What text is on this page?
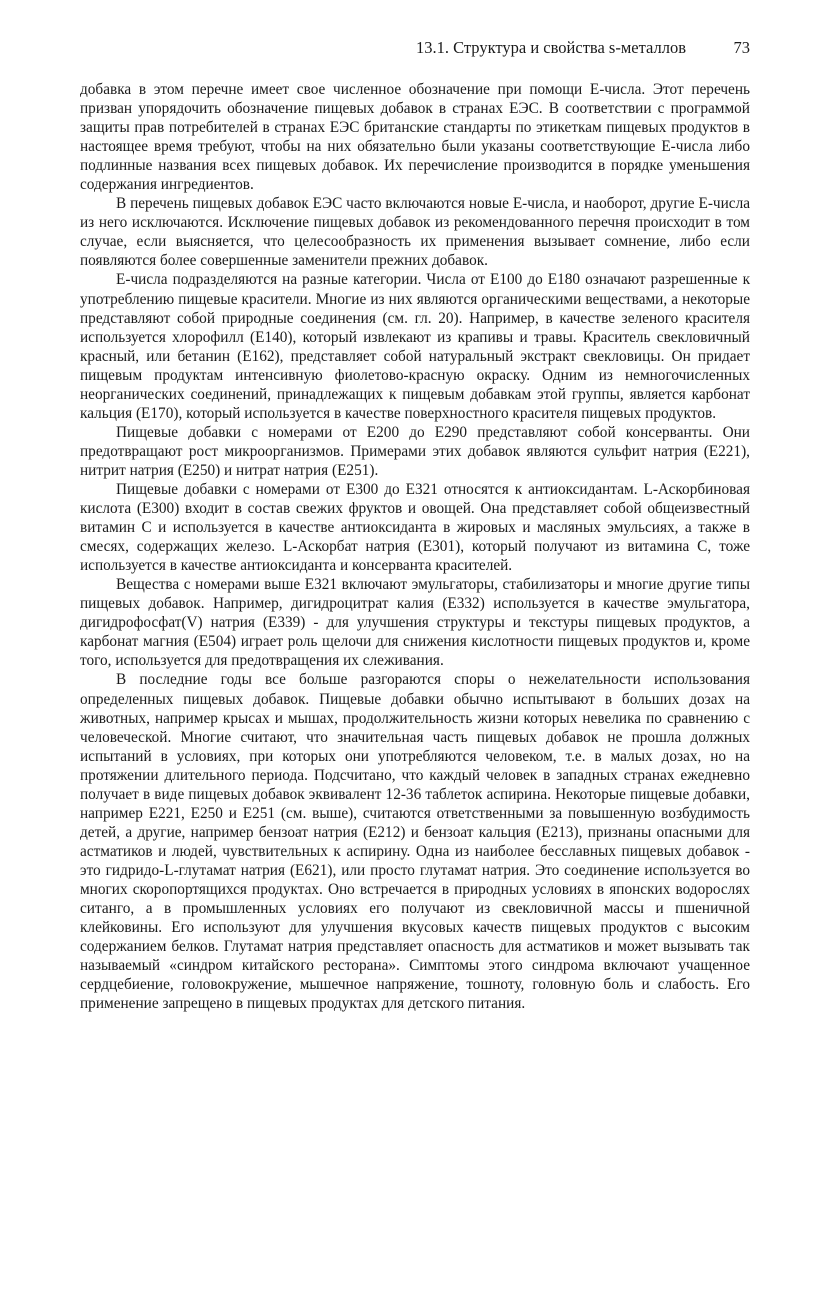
13.1. Структура и свойства s-металлов	73

добавка в этом перечне имеет свое численное обозначение при помощи Е-числа. Этот перечень призван упорядочить обозначение пищевых добавок в странах ЕЭС. В соответствии с программой защиты прав потребителей в странах ЕЭС британские стандарты по этикеткам пищевых продуктов в настоящее время требуют, чтобы на них обязательно были указаны соответствующие Е-числа либо подлинные названия всех пищевых добавок. Их перечисление производится в порядке уменьшения содержания ингредиентов.

В перечень пищевых добавок ЕЭС часто включаются новые Е-числа, и наоборот, другие Е-числа из него исключаются. Исключение пищевых добавок из рекомендованного перечня происходит в том случае, если выясняется, что целесообразность их применения вызывает сомнение, либо если появляются более совершенные заменители прежних добавок.

Е-числа подразделяются на разные категории. Числа от Е100 до Е180 означают разрешенные к употреблению пищевые красители. Многие из них являются органическими веществами, а некоторые представляют собой природные соединения (см. гл. 20). Например, в качестве зеленого красителя используется хлорофилл (Е140), который извлекают из крапивы и травы. Краситель свекловичный красный, или бетанин (Е162), представляет собой натуральный экстракт свекловицы. Он придает пищевым продуктам интенсивную фиолетово-красную окраску. Одним из немногочисленных неорганических соединений, принадлежащих к пищевым добавкам этой группы, является карбонат кальция (Е170), который используется в качестве поверхностного красителя пищевых продуктов.

Пищевые добавки с номерами от Е200 до Е290 представляют собой консерванты. Они предотвращают рост микроорганизмов. Примерами этих добавок являются сульфит натрия (Е221), нитрит натрия (Е250) и нитрат натрия (Е251).

Пищевые добавки с номерами от Е300 до Е321 относятся к антиоксидантам. L-Аскорбиновая кислота (Е300) входит в состав свежих фруктов и овощей. Она представляет собой общеизвестный витамин С и используется в качестве антиоксиданта в жировых и масляных эмульсиях, а также в смесях, содержащих железо. L-Аскорбат натрия (Е301), который получают из витамина С, тоже используется в качестве антиоксиданта и консерванта красителей.

Вещества с номерами выше Е321 включают эмульгаторы, стабилизаторы и многие другие типы пищевых добавок. Например, дигидроцитрат калия (Е332) используется в качестве эмульгатора, дигидрофосфат(V) натрия (Е339) - для улучшения структуры и текстуры пищевых продуктов, а карбонат магния (Е504) играет роль щелочи для снижения кислотности пищевых продуктов и, кроме того, используется для предотвращения их слеживания.

В последние годы все больше разгораются споры о нежелательности использования определенных пищевых добавок. Пищевые добавки обычно испытывают в больших дозах на животных, например крысах и мышах, продолжительность жизни которых невелика по сравнению с человеческой. Многие считают, что значительная часть пищевых добавок не прошла должных испытаний в условиях, при которых они употребляются человеком, т.е. в малых дозах, но на протяжении длительного периода. Подсчитано, что каждый человек в западных странах ежедневно получает в виде пищевых добавок эквивалент 12-36 таблеток аспирина. Некоторые пищевые добавки, например Е221, Е250 и Е251 (см. выше), считаются ответственными за повышенную возбудимость детей, а другие, например бензоат натрия (Е212) и бензоат кальция (Е213), признаны опасными для астматиков и людей, чувствительных к аспирину. Одна из наиболее бесславных пищевых добавок - это гидридо-L-глутамат натрия (Е621), или просто глутамат натрия. Это соединение используется во многих скоропортящихся продуктах. Оно встречается в природных условиях в японских водорослях ситанго, а в промышленных условиях его получают из свекловичной массы и пшеничной клейковины. Его используют для улучшения вкусовых качеств пищевых продуктов с высоким содержанием белков. Глутамат натрия представляет опасность для астматиков и может вызывать так называемый «синдром китайского ресторана». Симптомы этого синдрома включают учащенное сердцебиение, головокружение, мышечное напряжение, тошноту, головную боль и слабость. Его применение запрещено в пищевых продуктах для детского питания.
